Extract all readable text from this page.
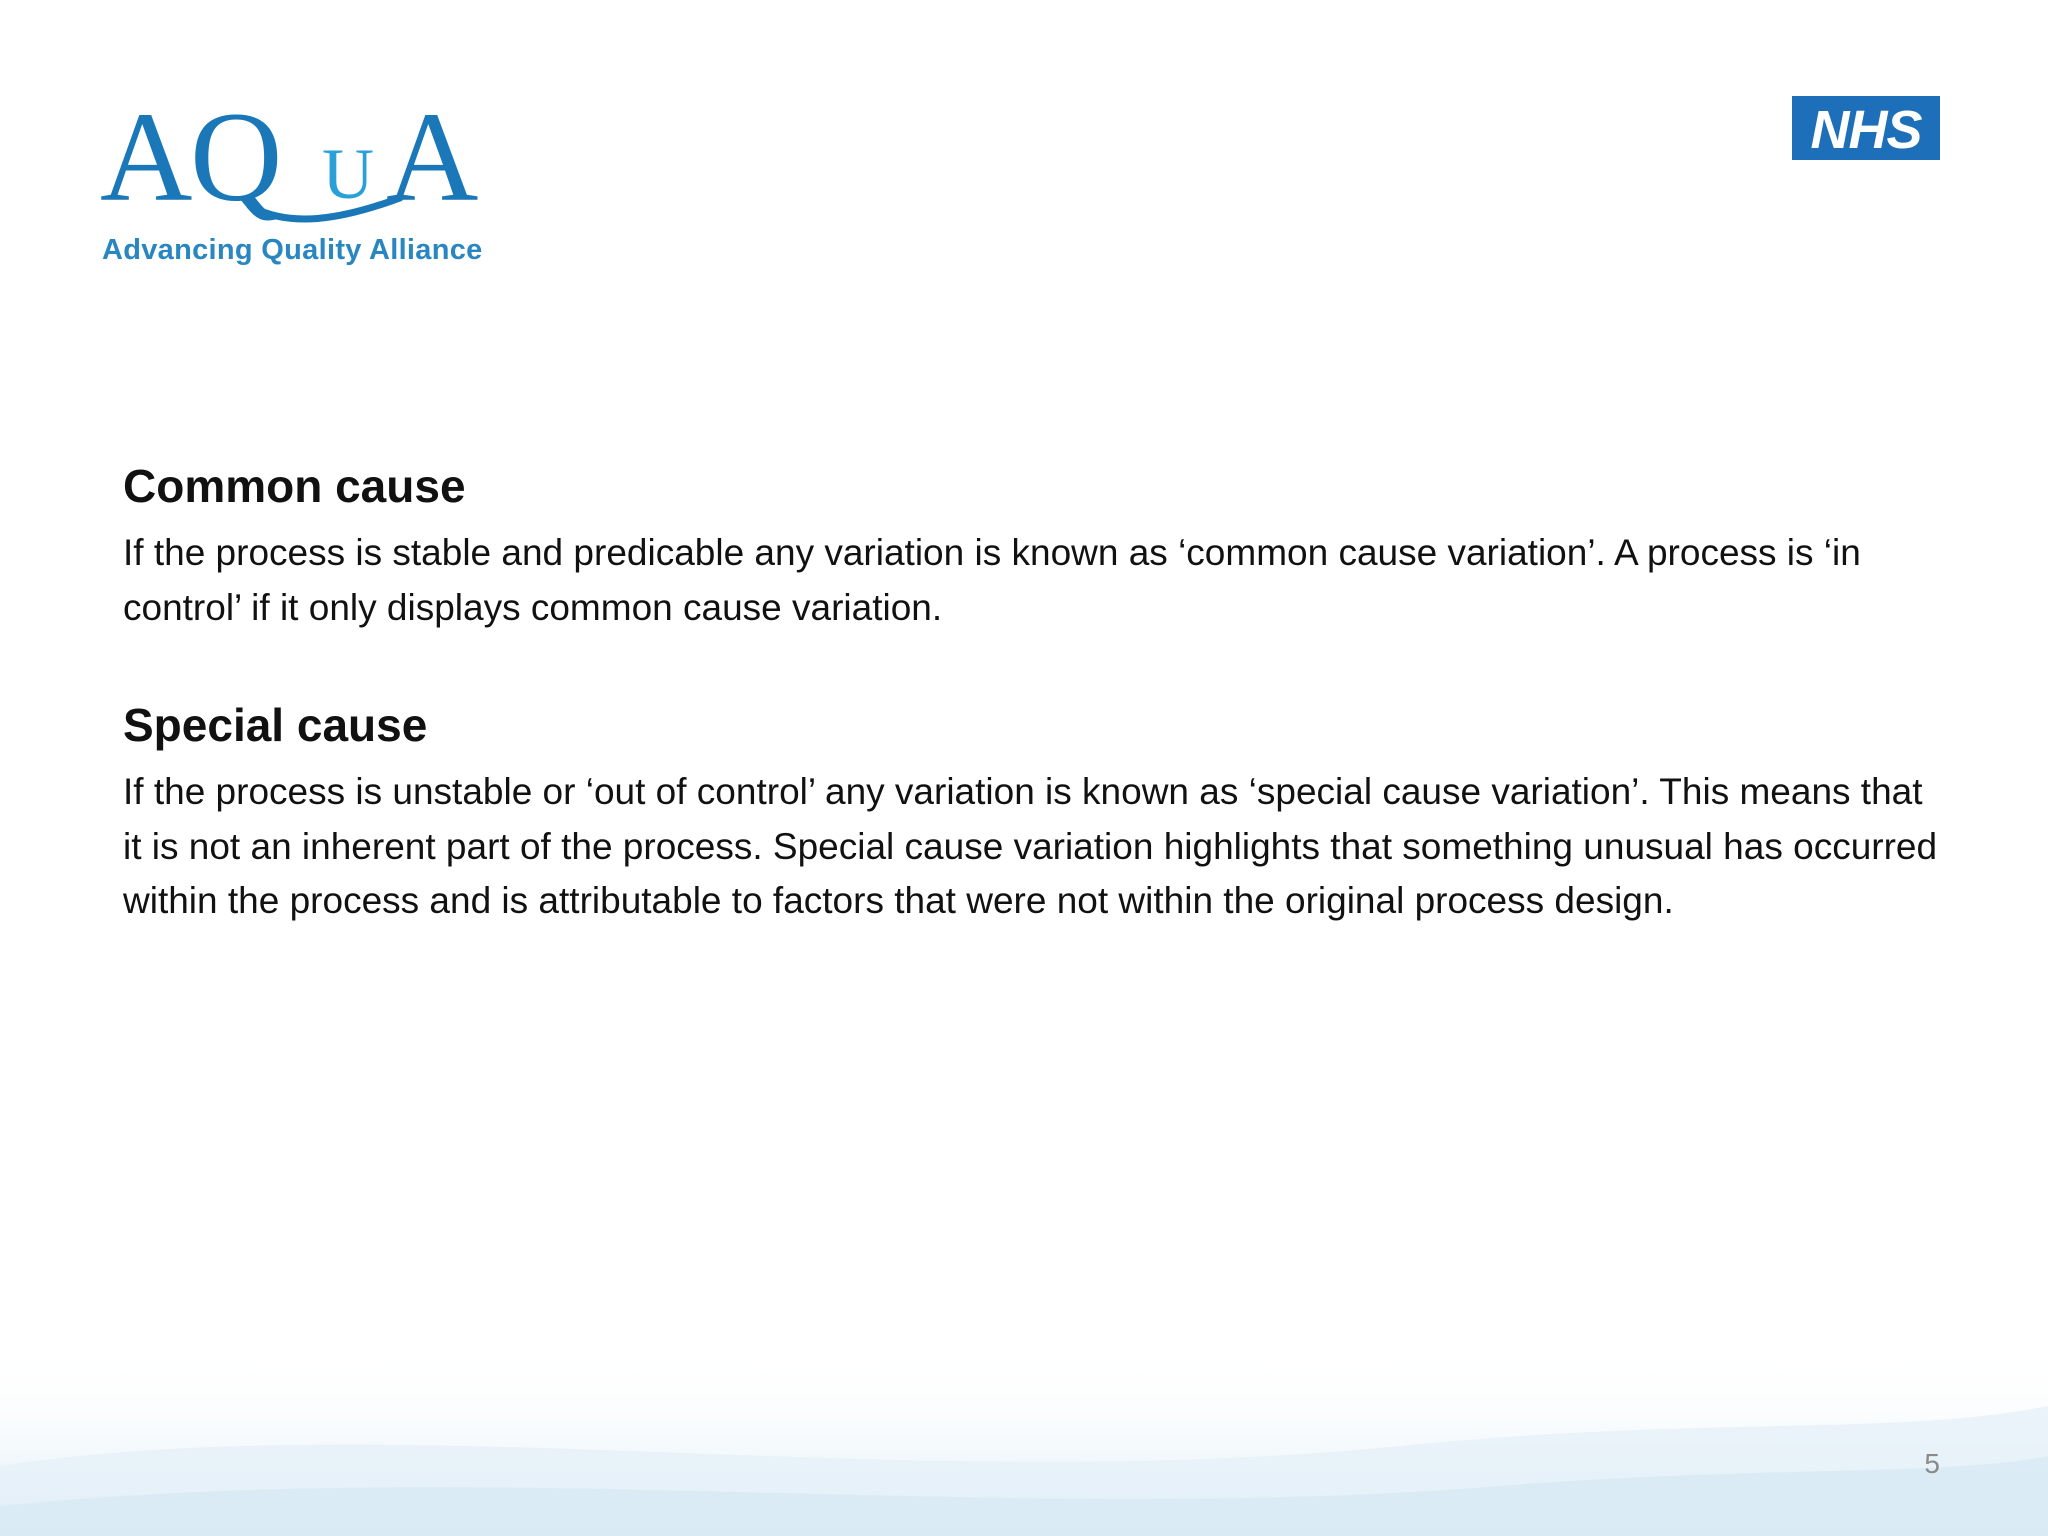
A
Q U A
Advancing Quality Alliance
NHS
Common cause

If the process is stable and predicable any variation is known as ‘common cause variation’. A process is ‘in control’ if it only displays common cause variation.

Special cause

If the process is unstable or ‘out of control’ any variation is known as ‘special cause variation’. This means that it is not an inherent part of the process. Special cause variation highlights that something unusual has occurred within the process and is attributable to factors that were not within the original process design.

5
